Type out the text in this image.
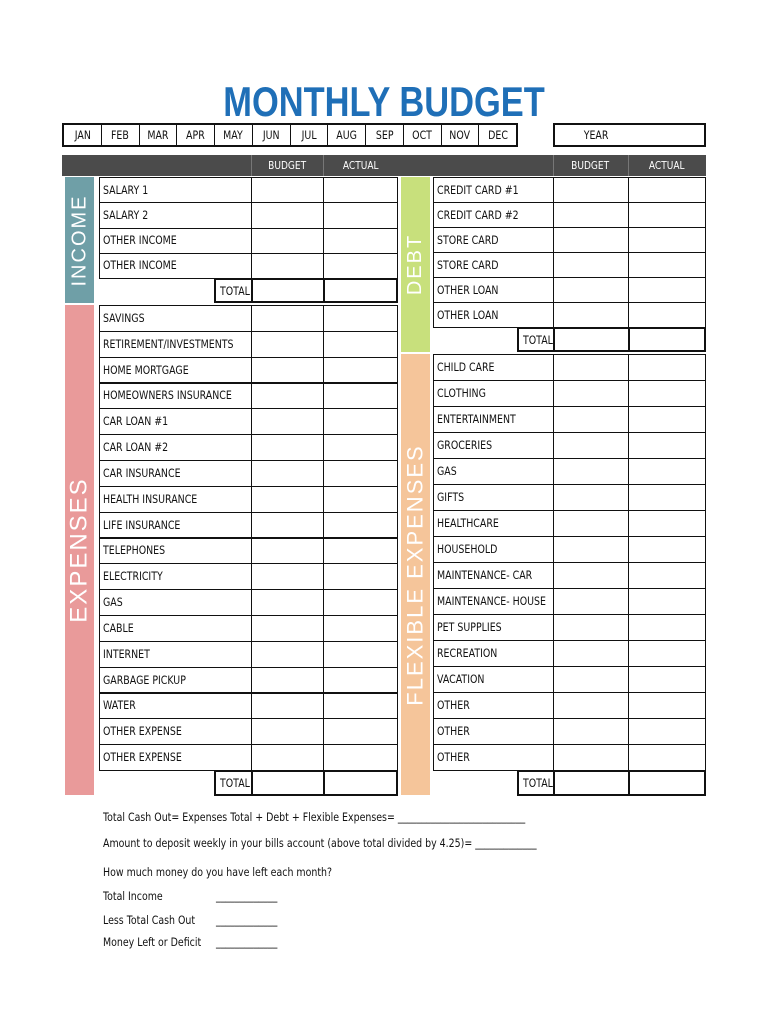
MONTHLY BUDGET
JAN FEB MAR APR MAY JUN JUL AUG SEP OCT NOV DEC	YEAR
BUDGET	ACTUAL	BUDGET	ACTUAL
INCOME
SALARY 1
SALARY 2
OTHER INCOME
OTHER INCOME
TOTAL
EXPENSES
SAVINGS
RETIREMENT/INVESTMENTS
HOME MORTGAGE
HOMEOWNERS INSURANCE
CAR LOAN #1
CAR LOAN #2
CAR INSURANCE
HEALTH INSURANCE
LIFE INSURANCE
TELEPHONES
ELECTRICITY
GAS
CABLE
INTERNET
GARBAGE PICKUP
WATER
OTHER EXPENSE
OTHER EXPENSE
TOTAL
DEBT
CREDIT CARD #1
CREDIT CARD #2
STORE CARD
STORE CARD
OTHER LOAN
OTHER LOAN
TOTAL
FLEXIBLE EXPENSES
CHILD CARE
CLOTHING
ENTERTAINMENT
GROCERIES
GAS
GIFTS
HEALTHCARE
HOUSEHOLD
MAINTENANCE- CAR
MAINTENANCE- HOUSE
PET SUPPLIES
RECREATION
VACATION
OTHER
OTHER
OTHER
TOTAL
Total Cash Out= Expenses Total + Debt + Flexible Expenses= ___________________________
Amount to deposit weekly in your bills account (above total divided by 4.25)= _____________
How much money do you have left each month?
Total Income	_____________
Less Total Cash Out	_____________
Money Left or Deficit	_____________
